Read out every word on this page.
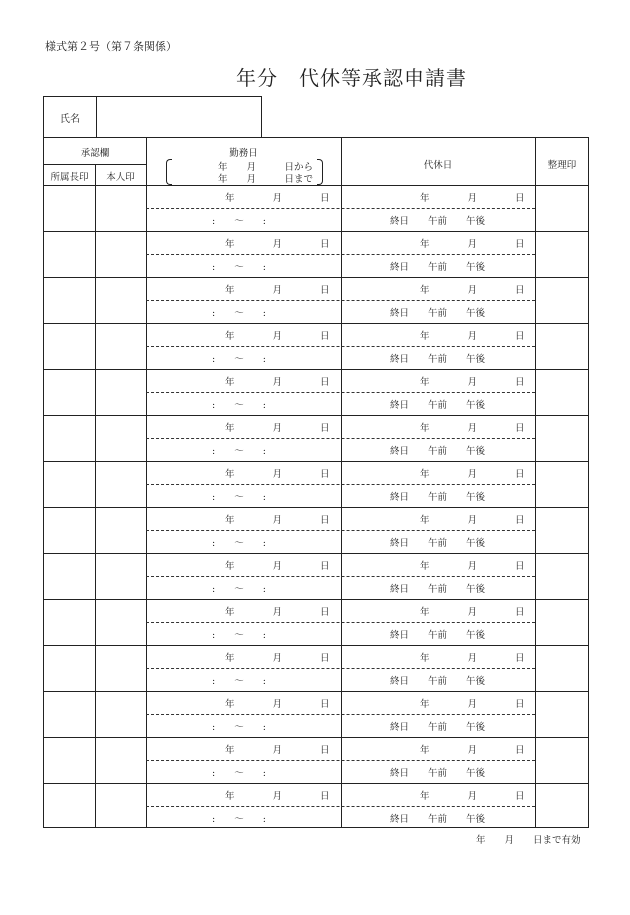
様式第２号（第７条関係）
年分　代休等承認申請書
氏名
承認欄
所属長印	本人印
勤務日
年　　月　　　日から
年　　月　　　日まで
代休日	整理印
年　　　　月　　　　日
:　　～　　:
年　　　　月　　　　日
終日　　午前　　午後
年　　　　月　　　　日
:　　～　　:
年　　　　月　　　　日
終日　　午前　　午後
年　　　　月　　　　日
:　　～　　:
年　　　　月　　　　日
終日　　午前　　午後
年　　　　月　　　　日
:　　～　　:
年　　　　月　　　　日
終日　　午前　　午後
年　　　　月　　　　日
:　　～　　:
年　　　　月　　　　日
終日　　午前　　午後
年　　　　月　　　　日
:　　～　　:
年　　　　月　　　　日
終日　　午前　　午後
年　　　　月　　　　日
:　　～　　:
年　　　　月　　　　日
終日　　午前　　午後
年　　　　月　　　　日
:　　～　　:
年　　　　月　　　　日
終日　　午前　　午後
年　　　　月　　　　日
:　　～　　:
年　　　　月　　　　日
終日　　午前　　午後
年　　　　月　　　　日
:　　～　　:
年　　　　月　　　　日
終日　　午前　　午後
年　　　　月　　　　日
:　　～　　:
年　　　　月　　　　日
終日　　午前　　午後
年　　　　月　　　　日
:　　～　　:
年　　　　月　　　　日
終日　　午前　　午後
年　　　　月　　　　日
:　　～　　:
年　　　　月　　　　日
終日　　午前　　午後
年　　　　月　　　　日
:　　～　　:
年　　　　月　　　　日
終日　　午前　　午後
年　　月　　日まで有効
